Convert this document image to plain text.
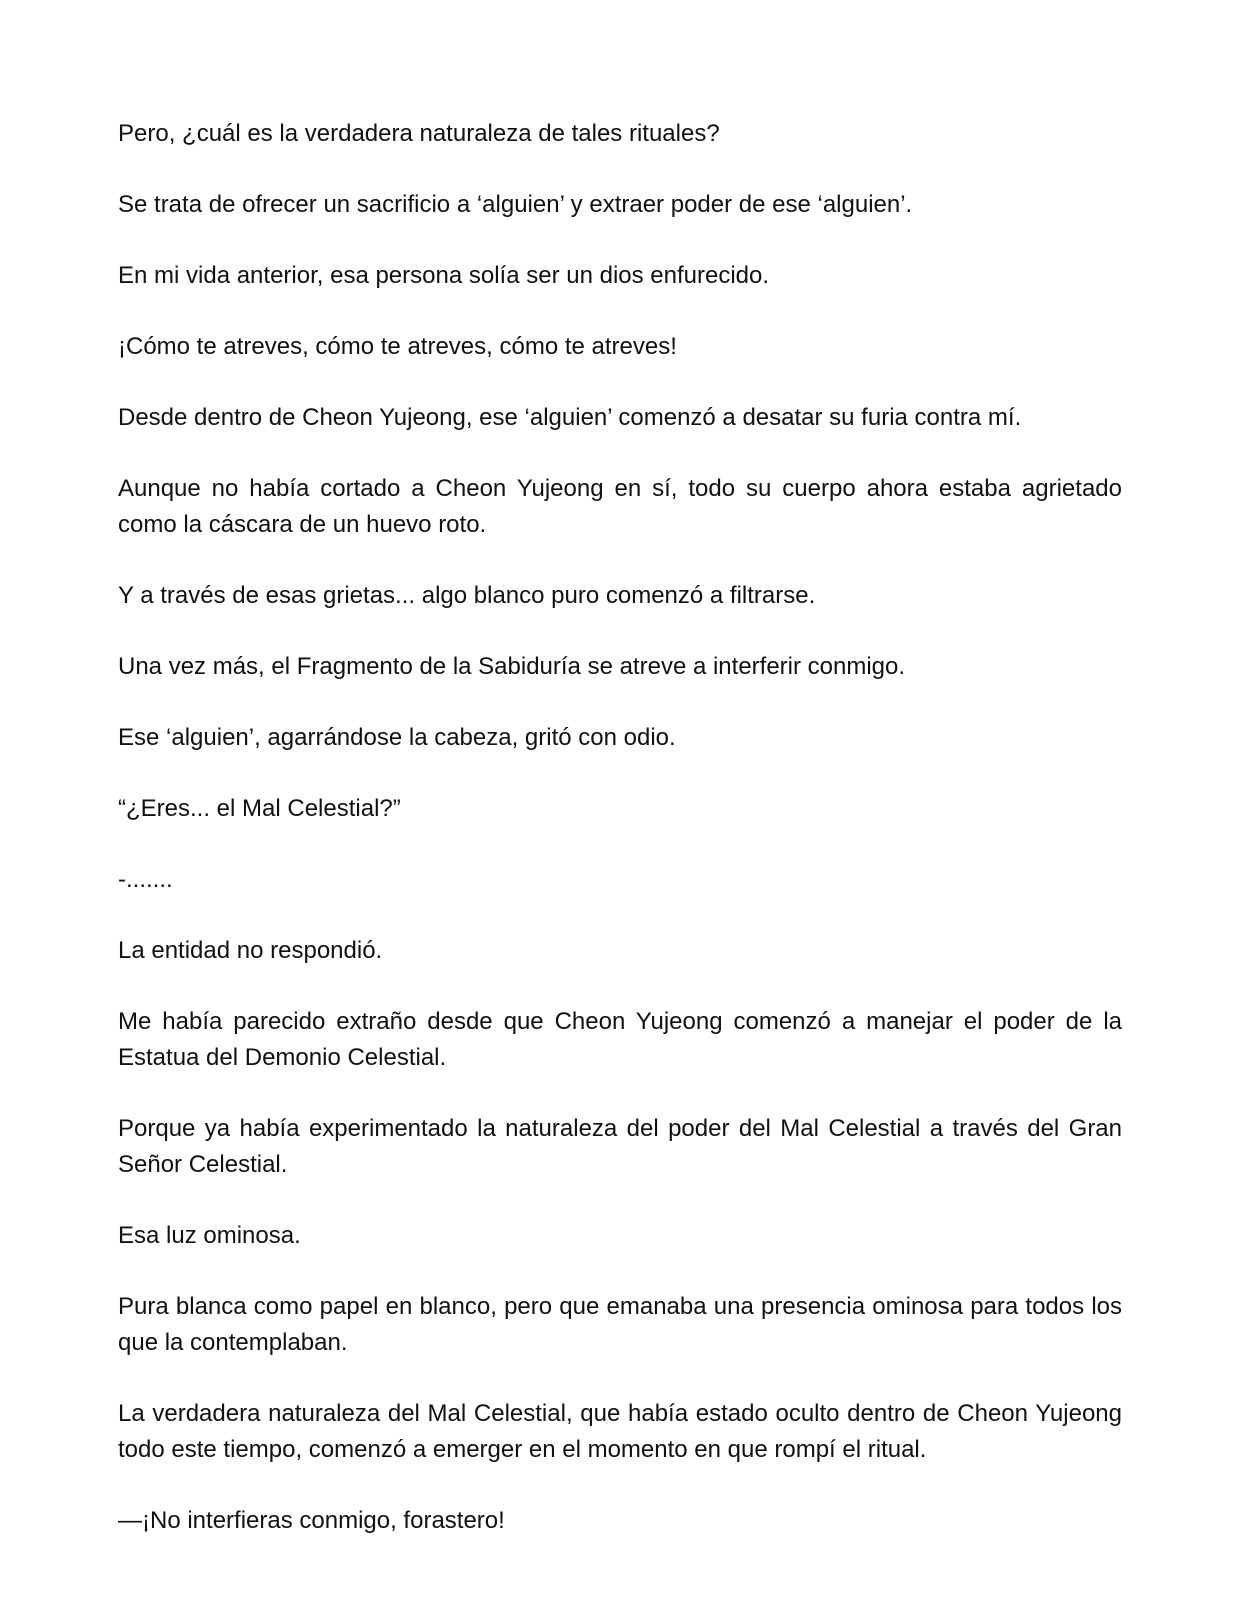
Pero, ¿cuál es la verdadera naturaleza de tales rituales?

Se trata de ofrecer un sacrificio a ‘alguien’ y extraer poder de ese ‘alguien’.

En mi vida anterior, esa persona solía ser un dios enfurecido.

¡Cómo te atreves, cómo te atreves, cómo te atreves!

Desde dentro de Cheon Yujeong, ese ‘alguien’ comenzó a desatar su furia contra mí.

Aunque no había cortado a Cheon Yujeong en sí, todo su cuerpo ahora estaba agrietado como la cáscara de un huevo roto.

Y a través de esas grietas... algo blanco puro comenzó a filtrarse.

Una vez más, el Fragmento de la Sabiduría se atreve a interferir conmigo.

Ese ‘alguien’, agarrándose la cabeza, gritó con odio.

“¿Eres... el Mal Celestial?”

-.......

La entidad no respondió.

Me había parecido extraño desde que Cheon Yujeong comenzó a manejar el poder de la Estatua del Demonio Celestial.

Porque ya había experimentado la naturaleza del poder del Mal Celestial a través del Gran Señor Celestial.

Esa luz ominosa.

Pura blanca como papel en blanco, pero que emanaba una presencia ominosa para todos los que la contemplaban.

La verdadera naturaleza del Mal Celestial, que había estado oculto dentro de Cheon Yujeong todo este tiempo, comenzó a emerger en el momento en que rompí el ritual.

—¡No interfieras conmigo, forastero!
